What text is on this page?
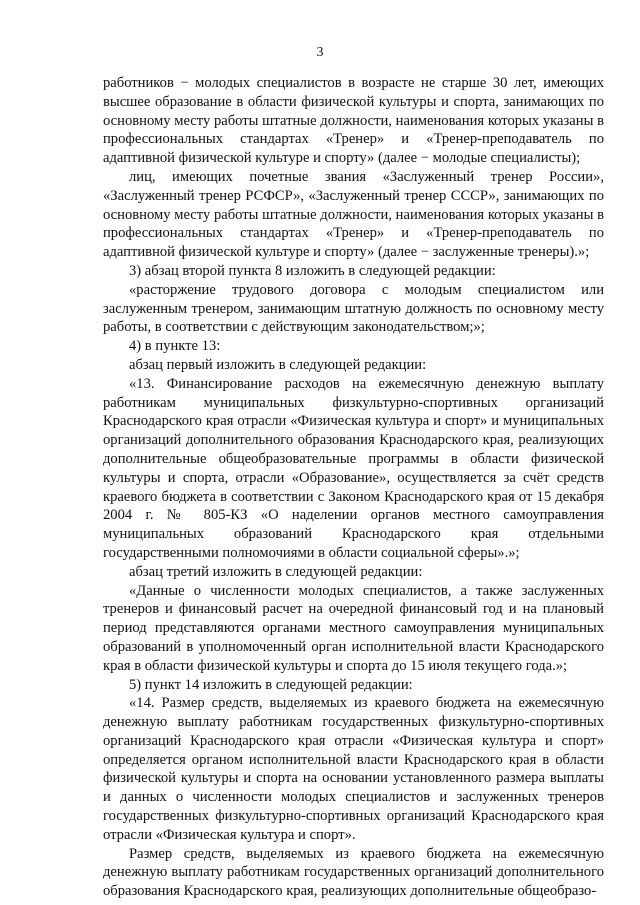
3

работников − молодых специалистов в возрасте не старше 30 лет, имеющих высшее образование в области физической культуры и спорта, занимающих по основному месту работы штатные должности, наименования которых указаны в профессиональных стандартах «Тренер» и «Тренер-преподаватель по адаптивной физической культуре и спорту» (далее − молодые специалисты);

лиц, имеющих почетные звания «Заслуженный тренер России», «Заслуженный тренер РСФСР», «Заслуженный тренер СССР», занимающих по основному месту работы штатные должности, наименования которых указаны в профессиональных стандартах «Тренер» и «Тренер-преподаватель по адаптивной физической культуре и спорту» (далее − заслуженные тренеры).»;

3) абзац второй пункта 8 изложить в следующей редакции:

«расторжение трудового договора с молодым специалистом или заслуженным тренером, занимающим штатную должность по основному месту работы, в соответствии с действующим законодательством;»;

4) в пункте 13:

абзац первый изложить в следующей редакции:

«13. Финансирование расходов на ежемесячную денежную выплату работникам муниципальных физкультурно-спортивных организаций Краснодарского края отрасли «Физическая культура и спорт» и муниципальных организаций дополнительного образования Краснодарского края, реализующих дополнительные общеобразовательные программы в области физической культуры и спорта, отрасли «Образование», осуществляется за счёт средств краевого бюджета в соответствии с Законом Краснодарского края от 15 декабря 2004 г. № 805-КЗ «О наделении органов местного самоуправления муниципальных образований Краснодарского края отдельными государственными полномочиями в области социальной сферы».»;

абзац третий изложить в следующей редакции:

«Данные о численности молодых специалистов, а также заслуженных тренеров и финансовый расчет на очередной финансовый год и на плановый период представляются органами местного самоуправления муниципальных образований в уполномоченный орган исполнительной власти Краснодарского края в области физической культуры и спорта до 15 июля текущего года.»;

5) пункт 14 изложить в следующей редакции:

«14. Размер средств, выделяемых из краевого бюджета на ежемесячную денежную выплату работникам государственных физкультурно-спортивных организаций Краснодарского края отрасли «Физическая культура и спорт» определяется органом исполнительной власти Краснодарского края в области физической культуры и спорта на основании установленного размера выплаты и данных о численности молодых специалистов и заслуженных тренеров государственных физкультурно-спортивных организаций Краснодарского края отрасли «Физическая культура и спорт».

Размер средств, выделяемых из краевого бюджета на ежемесячную денежную выплату работникам государственных организаций дополнительного образования Краснодарского края, реализующих дополнительные общеобразо-
